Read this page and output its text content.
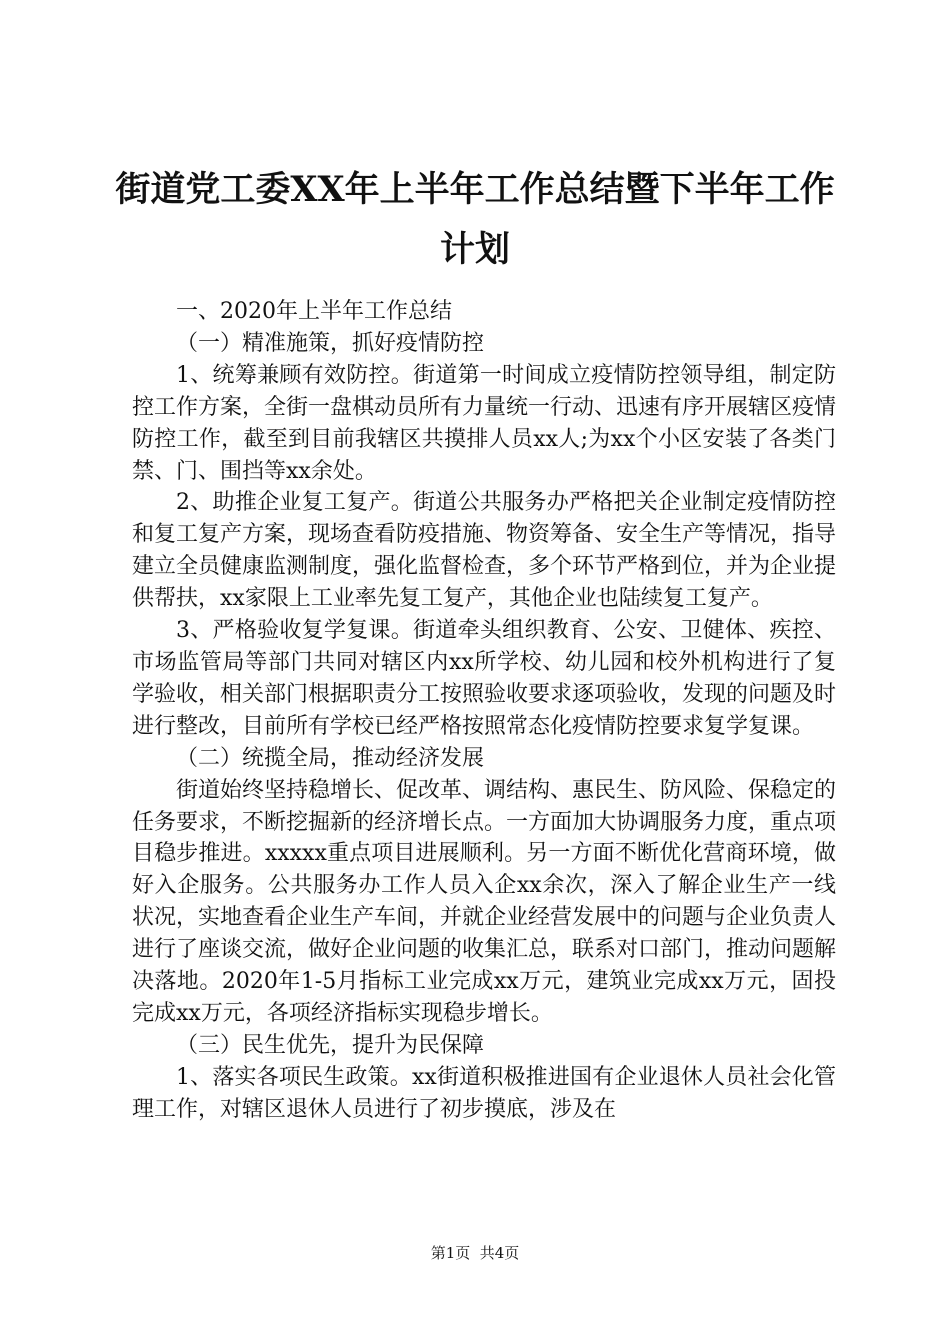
街道党工委XX年上半年工作总结暨下半年工作计划

一、2020年上半年工作总结

（一）精准施策，抓好疫情防控

1、统筹兼顾有效防控。街道第一时间成立疫情防控领导组，制定防控工作方案，全街一盘棋动员所有力量统一行动、迅速有序开展辖区疫情防控工作，截至到目前我辖区共摸排人员xx人;为xx个小区安装了各类门禁、门、围挡等xx余处。

2、助推企业复工复产。街道公共服务办严格把关企业制定疫情防控和复工复产方案，现场查看防疫措施、物资筹备、安全生产等情况，指导建立全员健康监测制度，强化监督检查，多个环节严格到位，并为企业提供帮扶，xx家限上工业率先复工复产，其他企业也陆续复工复产。

3、严格验收复学复课。街道牵头组织教育、公安、卫健体、疾控、市场监管局等部门共同对辖区内xx所学校、幼儿园和校外机构进行了复学验收，相关部门根据职责分工按照验收要求逐项验收，发现的问题及时进行整改，目前所有学校已经严格按照常态化疫情防控要求复学复课。

（二）统揽全局，推动经济发展

街道始终坚持稳增长、促改革、调结构、惠民生、防风险、保稳定的任务要求，不断挖掘新的经济增长点。一方面加大协调服务力度，重点项目稳步推进。xxxxx重点项目进展顺利。另一方面不断优化营商环境，做好入企服务。公共服务办工作人员入企xx余次，深入了解企业生产一线状况，实地查看企业生产车间，并就企业经营发展中的问题与企业负责人进行了座谈交流，做好企业问题的收集汇总，联系对口部门，推动问题解决落地。2020年1-5月指标工业完成xx万元，建筑业完成xx万元，固投完成xx万元，各项经济指标实现稳步增长。

（三）民生优先，提升为民保障

1、落实各项民生政策。xx街道积极推进国有企业退休人员社会化管理工作，对辖区退休人员进行了初步摸底，涉及在

第1页  共4页
